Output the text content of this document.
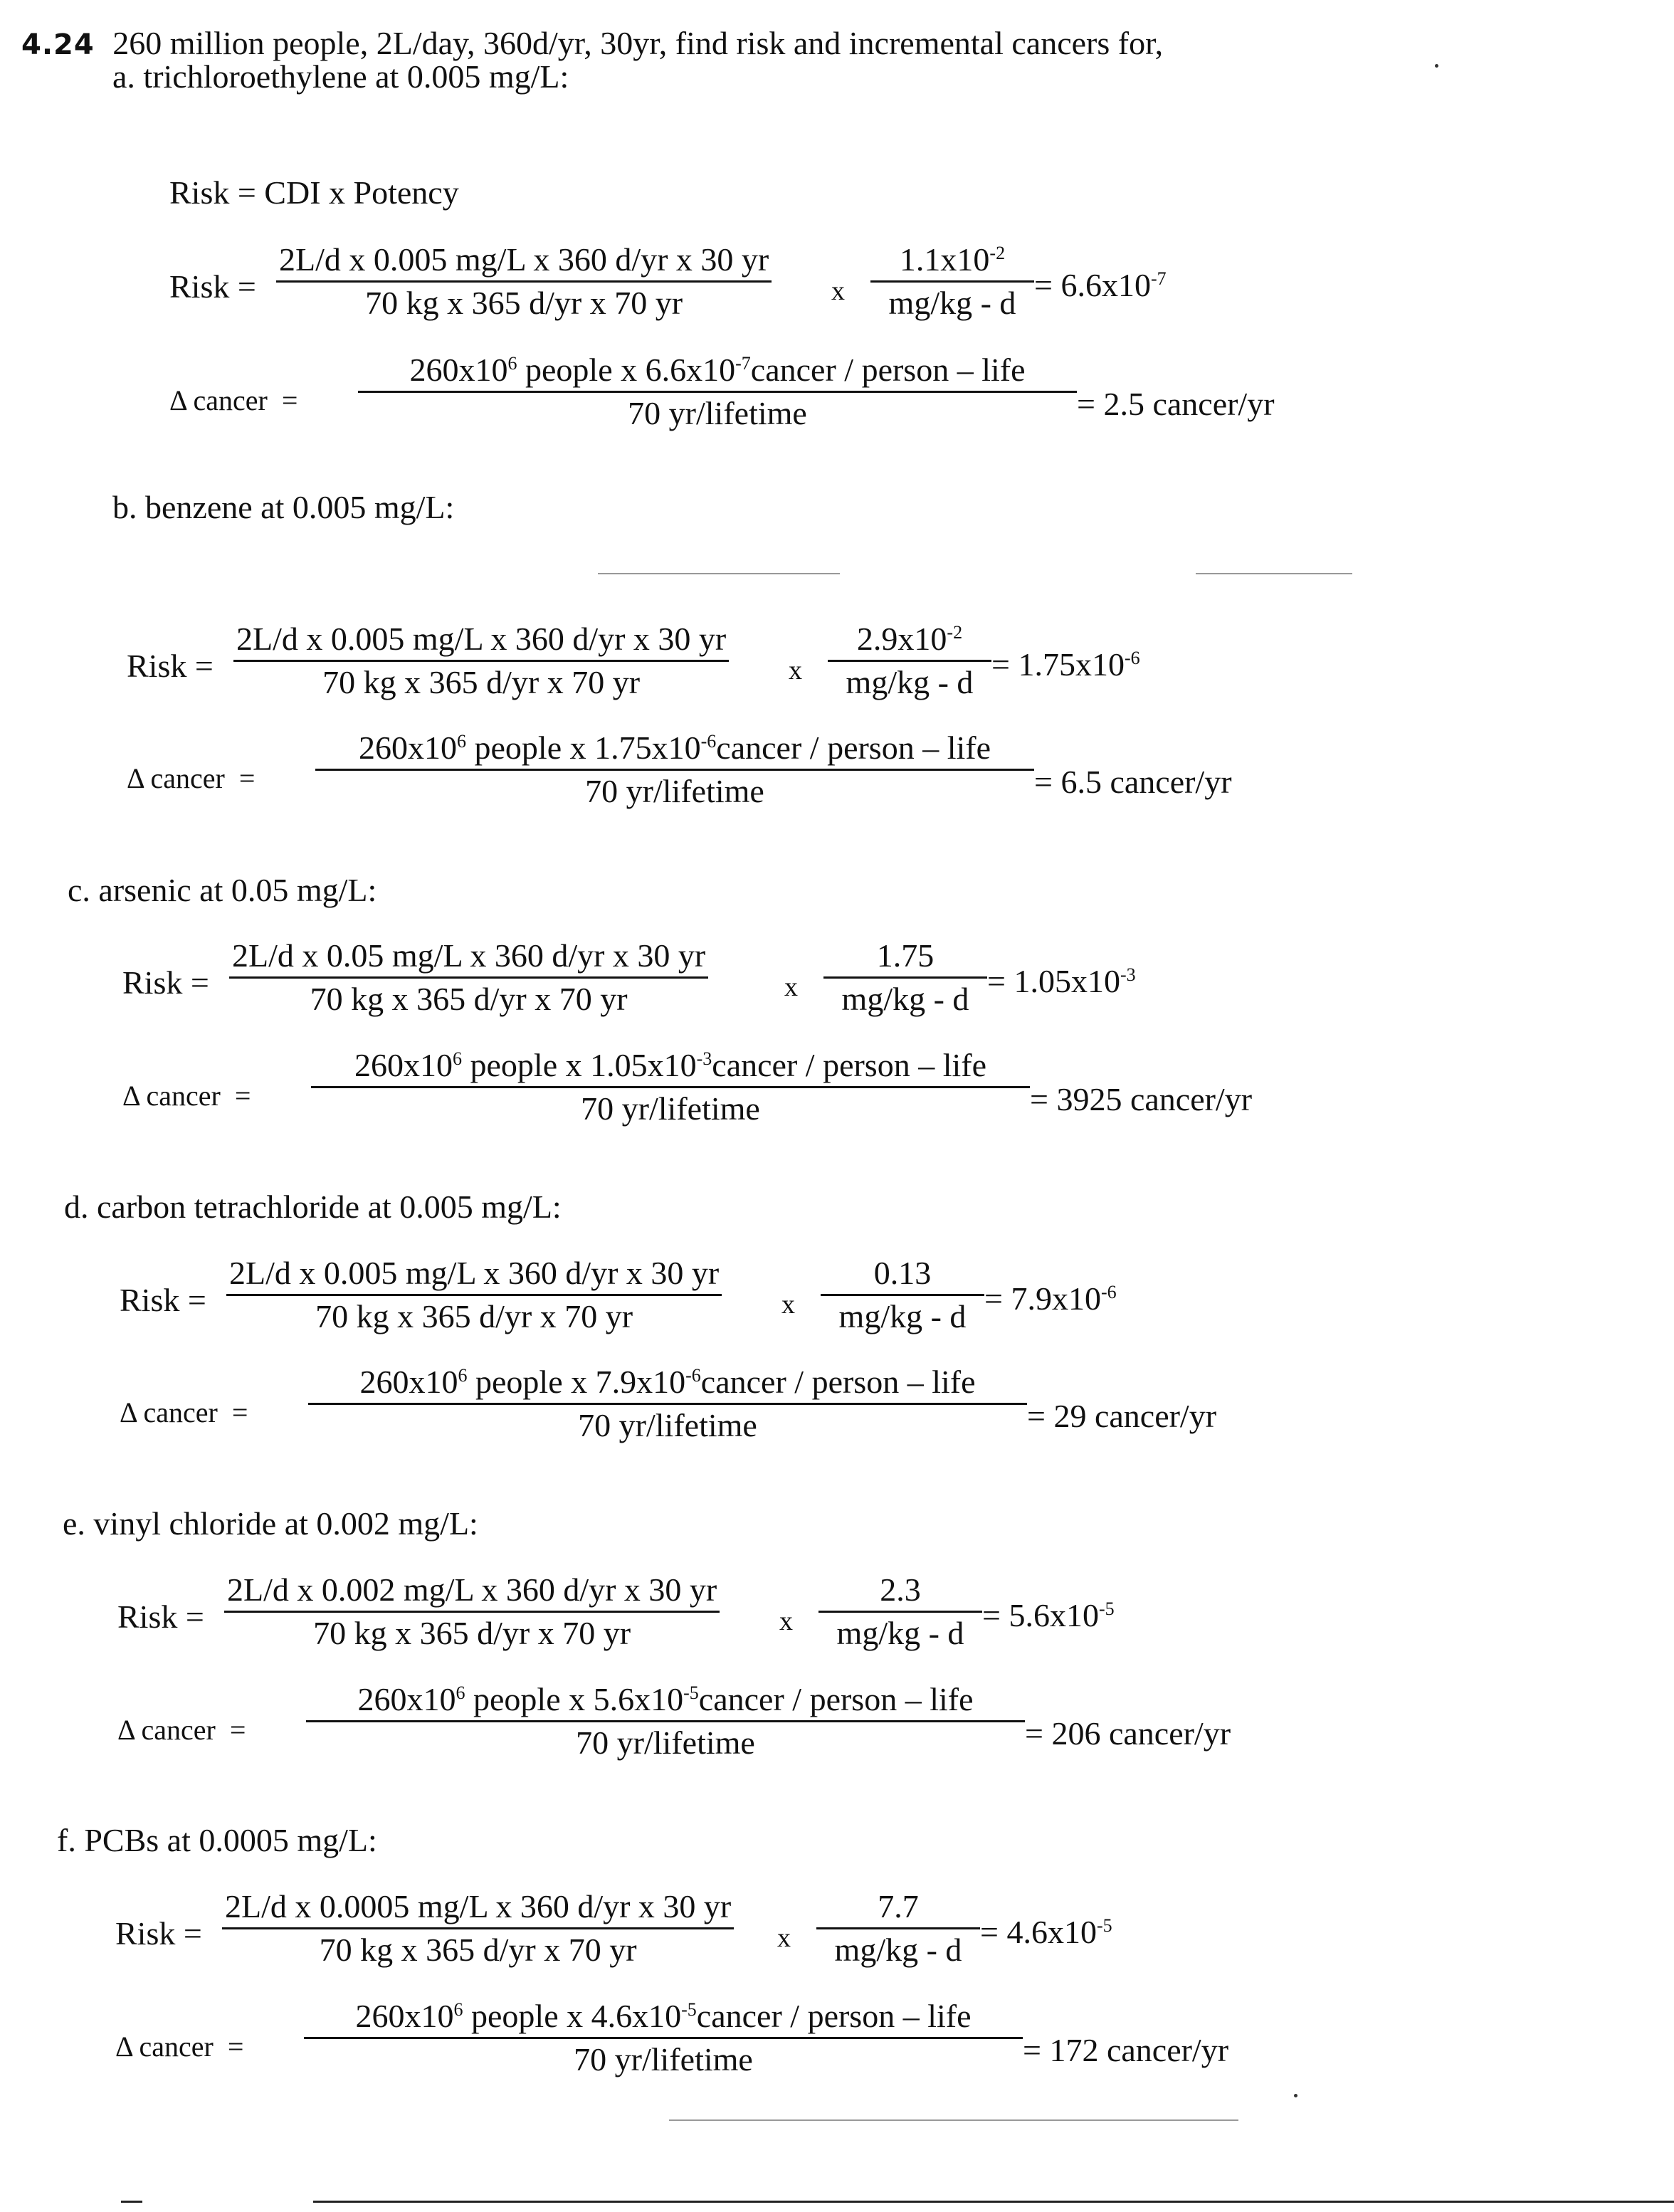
4.24 260 million people, 2L/day, 360d/yr, 30yr, find risk and incremental cancers for,
a. trichloroethylene at 0.005 mg/L:
Risk = CDI x Potency
Risk =
2L/d x 0.005 mg/L x 360 d/yr x 30 yr
70 kg x 365 d/yr x 70 yr	x
$1.1x10^{-2}$
$mg/kg - d = 6.6x10^{-7}$
Δ cancer  =
$260x10^6$ people x $6.6x10^{-7}cancer$ / person – life
70 yr/lifetime	= 2.5 cancer/yr
b. benzene at 0.005 mg/L:
Risk =
2L/d x 0.005 mg/L x 360 d/yr x 30 yr
70 kg x 365 d/yr x 70 yr	x
$2.9x10^{-2}$
$mg/kg - d = 1.75x10^{-6}$
Δ cancer  =
$260x10^6$ people x $1.75x10^{-6}cancer$ / person – life
70 yr/lifetime	= 6.5 cancer/yr
c. arsenic at 0.05 mg/L:
Risk =
2L/d x 0.05 mg/L x 360 d/yr x 30 yr
70 kg x 365 d/yr x 70 yr	x
1.75
$mg/kg - d = 1.05x10^{-3}$
Δ cancer  =
$260x10^6$ people x $1.05x10^{-3}cancer$ / person – life
70 yr/lifetime	= 3925 cancer/yr
d. carbon tetrachloride at 0.005 mg/L:
Risk =
2L/d x 0.005 mg/L x 360 d/yr x 30 yr
70 kg x 365 d/yr x 70 yr	x
0.13
$mg/kg - d = 7.9x10^{-6}$
Δ cancer  =
$260x10^6$ people x $7.9x10^{-6}cancer$ / person – life
70 yr/lifetime	= 29 cancer/yr
e. vinyl chloride at 0.002 mg/L:
Risk =
2L/d x 0.002 mg/L x 360 d/yr x 30 yr
70 kg x 365 d/yr x 70 yr	x
2.3
$mg/kg - d = 5.6x10^{-5}$
Δ cancer  =
$260x10^6$ people x $5.6x10^{-5}cancer$ / person – life
70 yr/lifetime	= 206 cancer/yr
f. PCBs at 0.0005 mg/L:
Risk =
2L/d x 0.0005 mg/L x 360 d/yr x 30 yr
70 kg x 365 d/yr x 70 yr	x
7.7
$mg/kg - d = 4.6x10^{-5}$
Δ cancer  =
$260x10^6$ people x $4.6x10^{-5}cancer$ / person – life
70 yr/lifetime	= 172 cancer/yr
